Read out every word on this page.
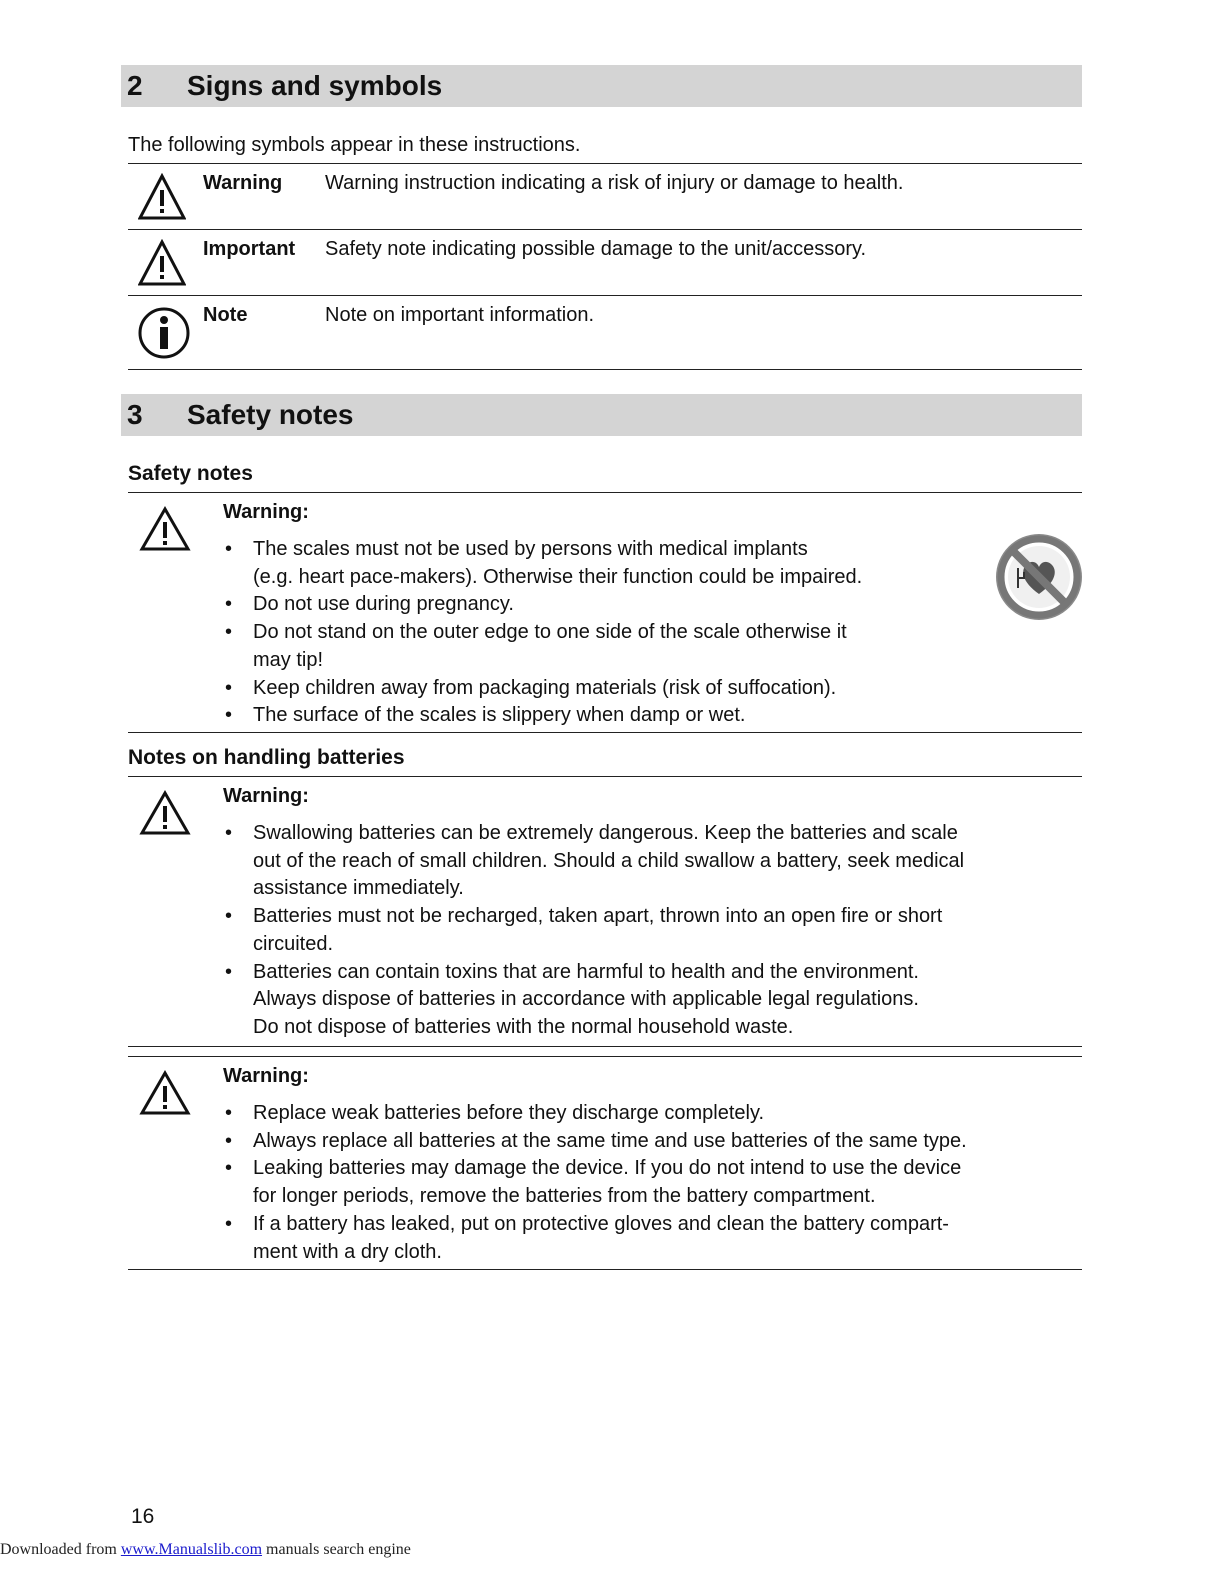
2 Signs and symbols
The following symbols appear in these instructions.
Warning Warning instruction indicating a risk of injury or damage to health.
Important Safety note indicating possible damage to the unit/accessory.
Note	Note on important information.
3 Safety notes
Safety notes
Warning:
• The scales must not be used by persons with medical implants
(e.g. heart pace-makers). Otherwise their function could be impaired.
• Do not use during pregnancy.
• Do not stand on the outer edge to one side of the scale otherwise it
may tip!
• Keep children away from packaging materials (risk of suffocation).
• The surface of the scales is slippery when damp or wet.
Notes on handling batteries
Warning:
• Swallowing batteries can be extremely dangerous. Keep the batteries and scale
out of the reach of small children. Should a child swallow a battery, seek medical
assistance immediately.
• Batteries must not be recharged, taken apart, thrown into an open fire or short
circuited.
• Batteries can contain toxins that are harmful to health and the environment.
Always dispose of batteries in accordance with applicable legal regulations.
Do not dispose of batteries with the normal household waste.
Warning:
• Replace weak batteries before they discharge completely.
• Always replace all batteries at the same time and use batteries of the same type.
• Leaking batteries may damage the device. If you do not intend to use the device
for longer periods, remove the batteries from the battery compartment.
• If a battery has leaked, put on protective gloves and clean the battery compart-
ment with a dry cloth.
16
Downloaded from www.Manualslib.com manuals search engine
